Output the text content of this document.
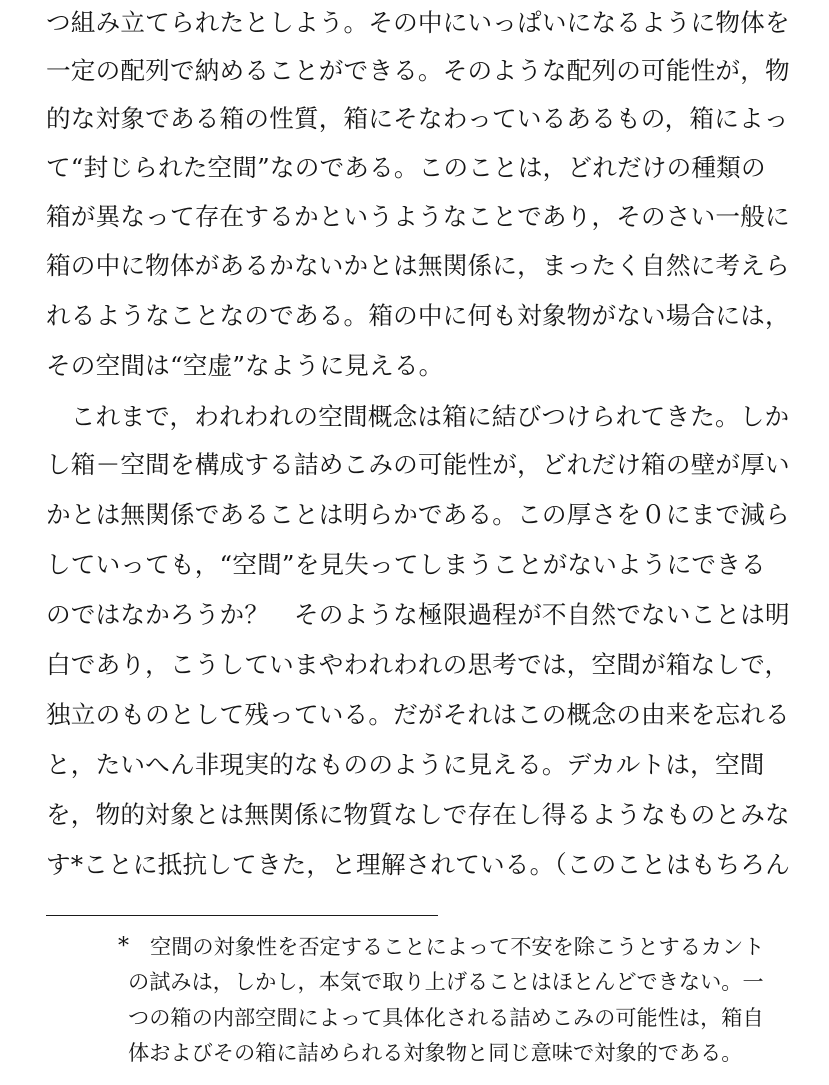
つ組み立てられたとしよう。その中にいっぱいになるように物体を
一定の配列で納めることができる。そのような配列の可能性が，物
的な対象である箱の性質，箱にそなわっているあるもの，箱によっ
て“封じられた空間”なのである。このことは，どれだけの種類の
箱が異なって存在するかというようなことであり，そのさい一般に
箱の中に物体があるかないかとは無関係に，まったく自然に考えら
れるようなことなのである。箱の中に何も対象物がない場合には，
その空間は“空虚”なように見える。
　これまで，われわれの空間概念は箱に結びつけられてきた。しか
し箱－空間を構成する詰めこみの可能性が，どれだけ箱の壁が厚い
かとは無関係であることは明らかである。この厚さを０にまで減ら
していっても，“空間”を見失ってしまうことがないようにできる
のではなかろうか？　そのような極限過程が不自然でないことは明
白であり，こうしていまやわれわれの思考では，空間が箱なしで，
独立のものとして残っている。だがそれはこの概念の由来を忘れる
と，たいへん非現実的なもののように見える。デカルトは，空間
を，物的対象とは無関係に物質なしで存在し得るようなものとみな
す*ことに抵抗してきた，と理解されている。（このことはもちろん
* 空間の対象性を否定することによって不安を除こうとするカント
の試みは，しかし，本気で取り上げることはほとんどできない。一
つの箱の内部空間によって具体化される詰めこみの可能性は，箱自
体およびその箱に詰められる対象物と同じ意味で対象的である。
